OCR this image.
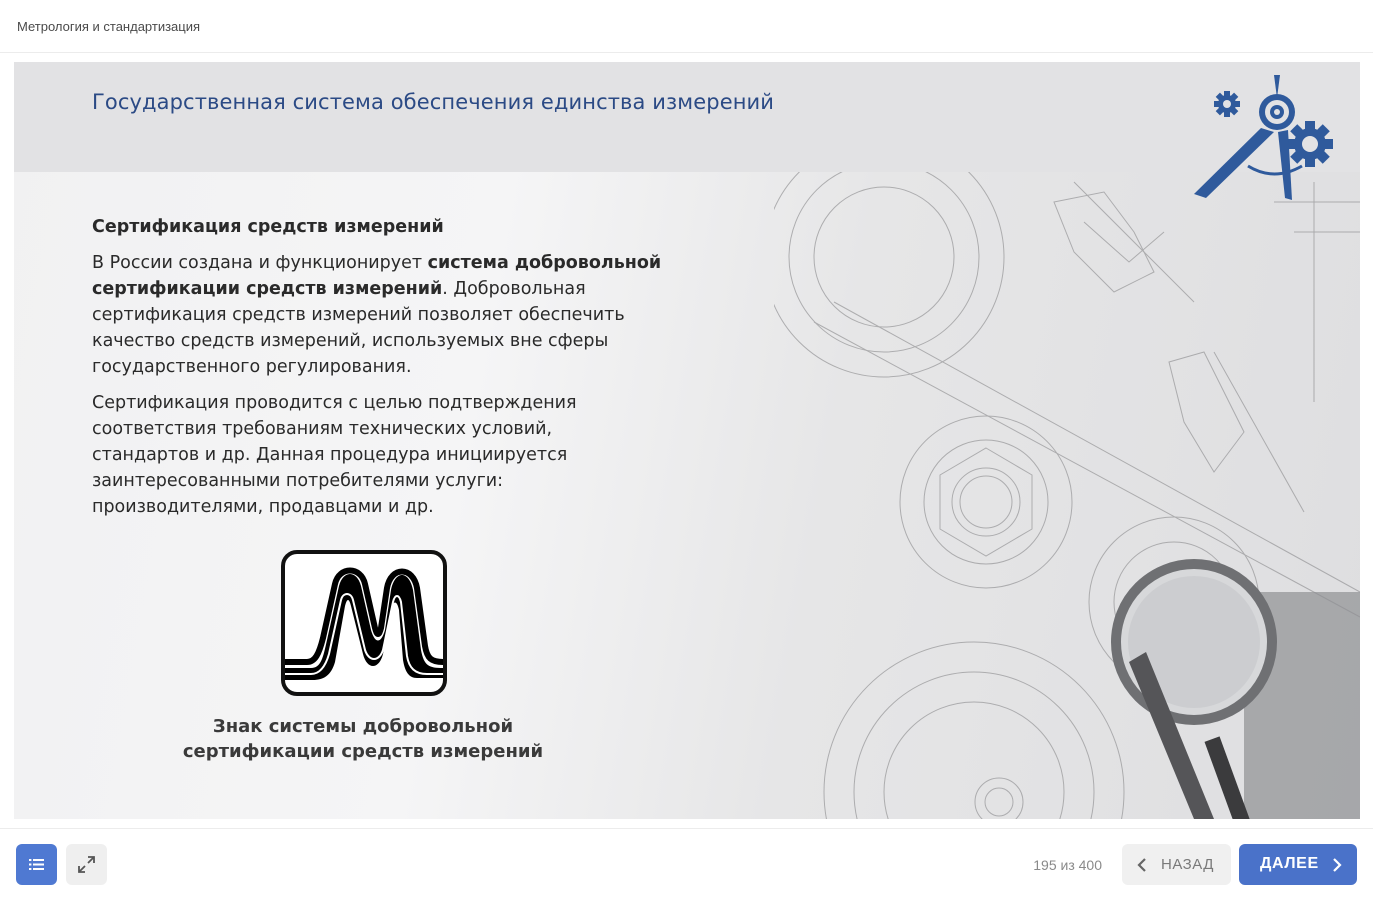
Метрология и стандартизация
Государственная система обеспечения единства измерений
Сертификация средств измерений

В России создана и функционирует система добровольной сертификации средств измерений. Добровольная сертификация средств измерений позволяет обеспечить качество средств измерений, используемых вне сферы государственного регулирования.

Сертификация проводится с целью подтверждения соответствия требованиям технических условий, стандартов и др. Данная процедура инициируется заинтересованными потребителями услуги: производителями, продавцами и др.

Знак системы добровольной сертификации средств измерений
195 из 400	НАЗАД	ДАЛЕЕ
